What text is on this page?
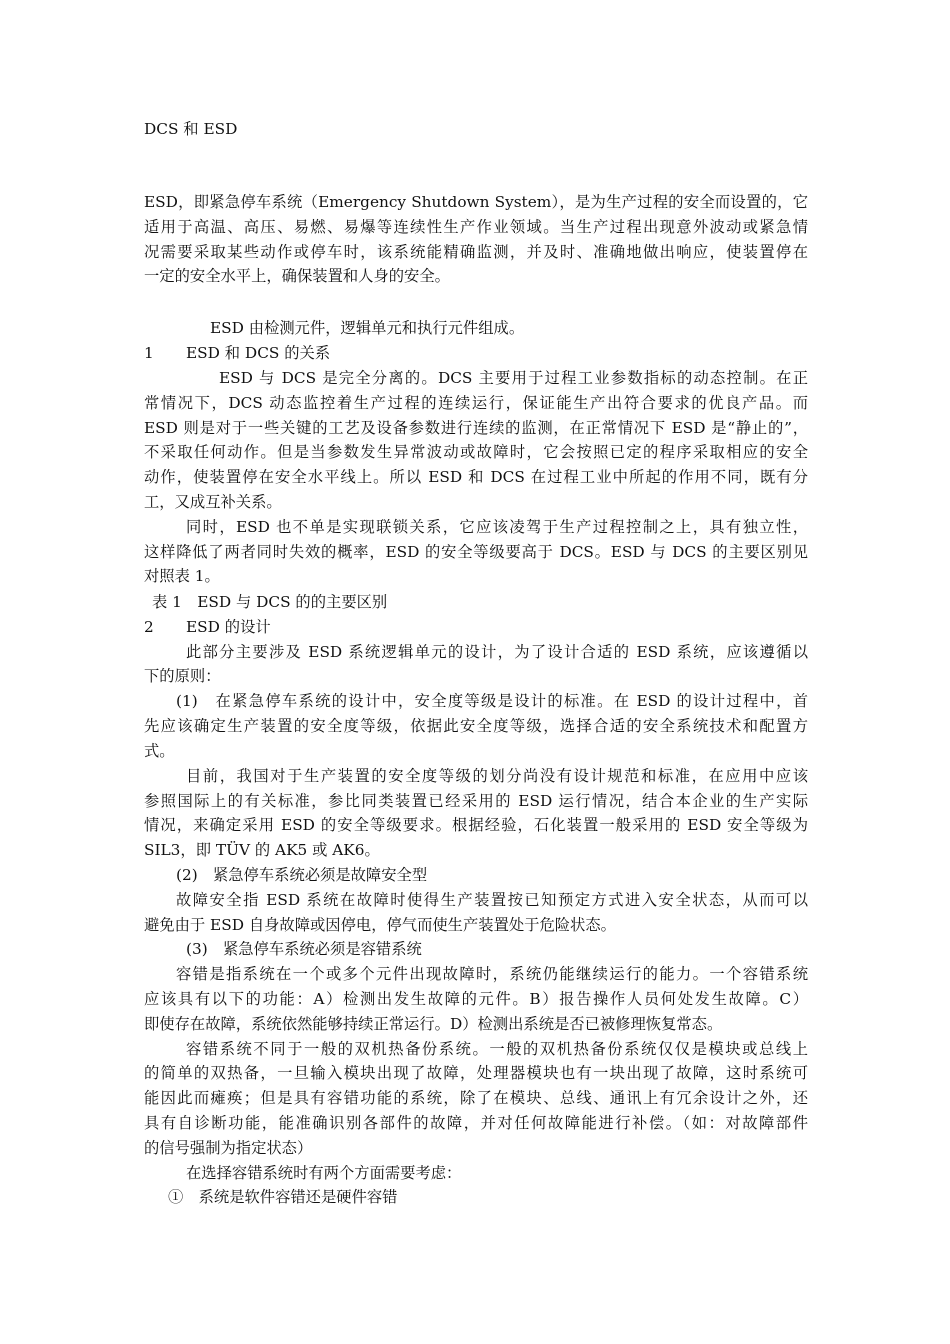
DCS 和 ESD
ESD，即紧急停车系统（Emergency Shutdown System），是为生产过程的安全而设置的，它
适用于高温、高压、易燃、易爆等连续性生产作业领域。当生产过程出现意外波动或紧急情
况需要采取某些动作或停车时，该系统能精确监测，并及时、准确地做出响应，使装置停在
一定的安全水平上，确保装置和人身的安全。
ESD 由检测元件，逻辑单元和执行元件组成。
1	ESD 和 DCS 的关系
ESD 与 DCS 是完全分离的。DCS 主要用于过程工业参数指标的动态控制。在正
常情况下，DCS 动态监控着生产过程的连续运行，保证能生产出符合要求的优良产品。而
ESD 则是对于一些关键的工艺及设备参数进行连续的监测，在正常情况下 ESD 是“静止的”，
不采取任何动作。但是当参数发生异常波动或故障时，它会按照已定的程序采取相应的安全
动作，使装置停在安全水平线上。所以 ESD 和 DCS 在过程工业中所起的作用不同，既有分
工，又成互补关系。
同时，ESD 也不单是实现联锁关系，它应该凌驾于生产过程控制之上，具有独立性，
这样降低了两者同时失效的概率，ESD 的安全等级要高于 DCS。ESD 与 DCS 的主要区别见
对照表 1。
表 1　ESD 与 DCS 的的主要区别
2	ESD 的设计
此部分主要涉及 ESD 系统逻辑单元的设计，为了设计合适的 ESD 系统，应该遵循以
下的原则：
(1)　在紧急停车系统的设计中，安全度等级是设计的标准。在 ESD 的设计过程中，首
先应该确定生产装置的安全度等级，依据此安全度等级，选择合适的安全系统技术和配置方
式。
目前，我国对于生产装置的安全度等级的划分尚没有设计规范和标准，在应用中应该
参照国际上的有关标准，参比同类装置已经采用的 ESD 运行情况，结合本企业的生产实际
情况，来确定采用 ESD 的安全等级要求。根据经验，石化装置一般采用的 ESD 安全等级为
SIL3，即 TÜV 的 AK5 或 AK6。
(2)　紧急停车系统必须是故障安全型
故障安全指 ESD 系统在故障时使得生产装置按已知预定方式进入安全状态，从而可以
避免由于 ESD 自身故障或因停电，停气而使生产装置处于危险状态。
(3)　紧急停车系统必须是容错系统
容错是指系统在一个或多个元件出现故障时，系统仍能继续运行的能力。一个容错系统
应该具有以下的功能：A）检测出发生故障的元件。B）报告操作人员何处发生故障。C）
即使存在故障，系统依然能够持续正常运行。D）检测出系统是否已被修理恢复常态。
容错系统不同于一般的双机热备份系统。一般的双机热备份系统仅仅是模块或总线上
的简单的双热备，一旦输入模块出现了故障，处理器模块也有一块出现了故障，这时系统可
能因此而瘫痪；但是具有容错功能的系统，除了在模块、总线、通讯上有冗余设计之外，还
具有自诊断功能，能准确识别各部件的故障，并对任何故障能进行补偿。（如：对故障部件
的信号强制为指定状态）
在选择容错系统时有两个方面需要考虑：
①　系统是软件容错还是硬件容错
